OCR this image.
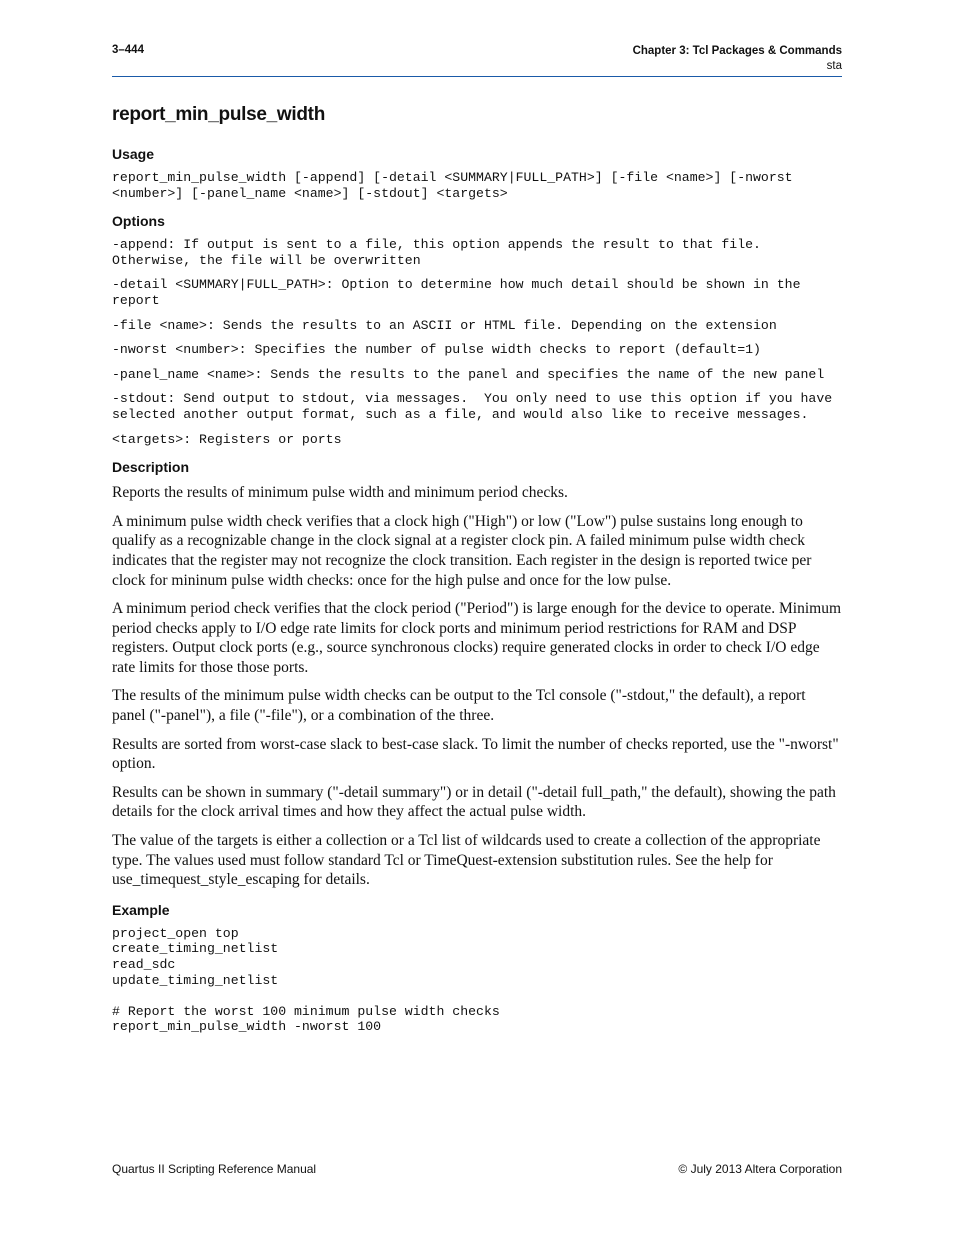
3–444	Chapter 3: Tcl Packages & Commands
sta
report_min_pulse_width
Usage
report_min_pulse_width [-append] [-detail <SUMMARY|FULL_PATH>] [-file <name>] [-nworst <number>] [-panel_name <name>] [-stdout] <targets>
Options
-append: If output is sent to a file, this option appends the result to that file. Otherwise, the file will be overwritten
-detail <SUMMARY|FULL_PATH>: Option to determine how much detail should be shown in the report
-file <name>: Sends the results to an ASCII or HTML file. Depending on the extension
-nworst <number>: Specifies the number of pulse width checks to report (default=1)
-panel_name <name>: Sends the results to the panel and specifies the name of the new panel
-stdout: Send output to stdout, via messages.  You only need to use this option if you have selected another output format, such as a file, and would also like to receive messages.
<targets>: Registers or ports
Description

Reports the results of minimum pulse width and minimum period checks.

A minimum pulse width check verifies that a clock high ("High") or low ("Low") pulse sustains long enough to qualify as a recognizable change in the clock signal at a register clock pin. A failed minimum pulse width check indicates that the register may not recognize the clock transition. Each register in the design is reported twice per clock for mininum pulse width checks: once for the high pulse and once for the low pulse.

A minimum period check verifies that the clock period ("Period") is large enough for the device to operate. Minimum period checks apply to I/O edge rate limits for clock ports and minimum period restrictions for RAM and DSP registers. Output clock ports (e.g., source synchronous clocks) require generated clocks in order to check I/O edge rate limits for those those ports.

The results of the minimum pulse width checks can be output to the Tcl console ("-stdout," the default), a report panel ("-panel"), a file ("-file"), or a combination of the three.

Results are sorted from worst-case slack to best-case slack. To limit the number of checks reported, use the "-nworst" option.

Results can be shown in summary ("-detail summary") or in detail ("-detail full_path," the default), showing the path details for the clock arrival times and how they affect the actual pulse width.

The value of the targets is either a collection or a Tcl list of wildcards used to create a collection of the appropriate type. The values used must follow standard Tcl or TimeQuest-extension substitution rules. See the help for use_timequest_style_escaping for details.

Example
project_open top
create_timing_netlist
read_sdc
update_timing_netlist

# Report the worst 100 minimum pulse width checks
report_min_pulse_width -nworst 100
Quartus II Scripting Reference Manual	© July 2013 Altera Corporation
